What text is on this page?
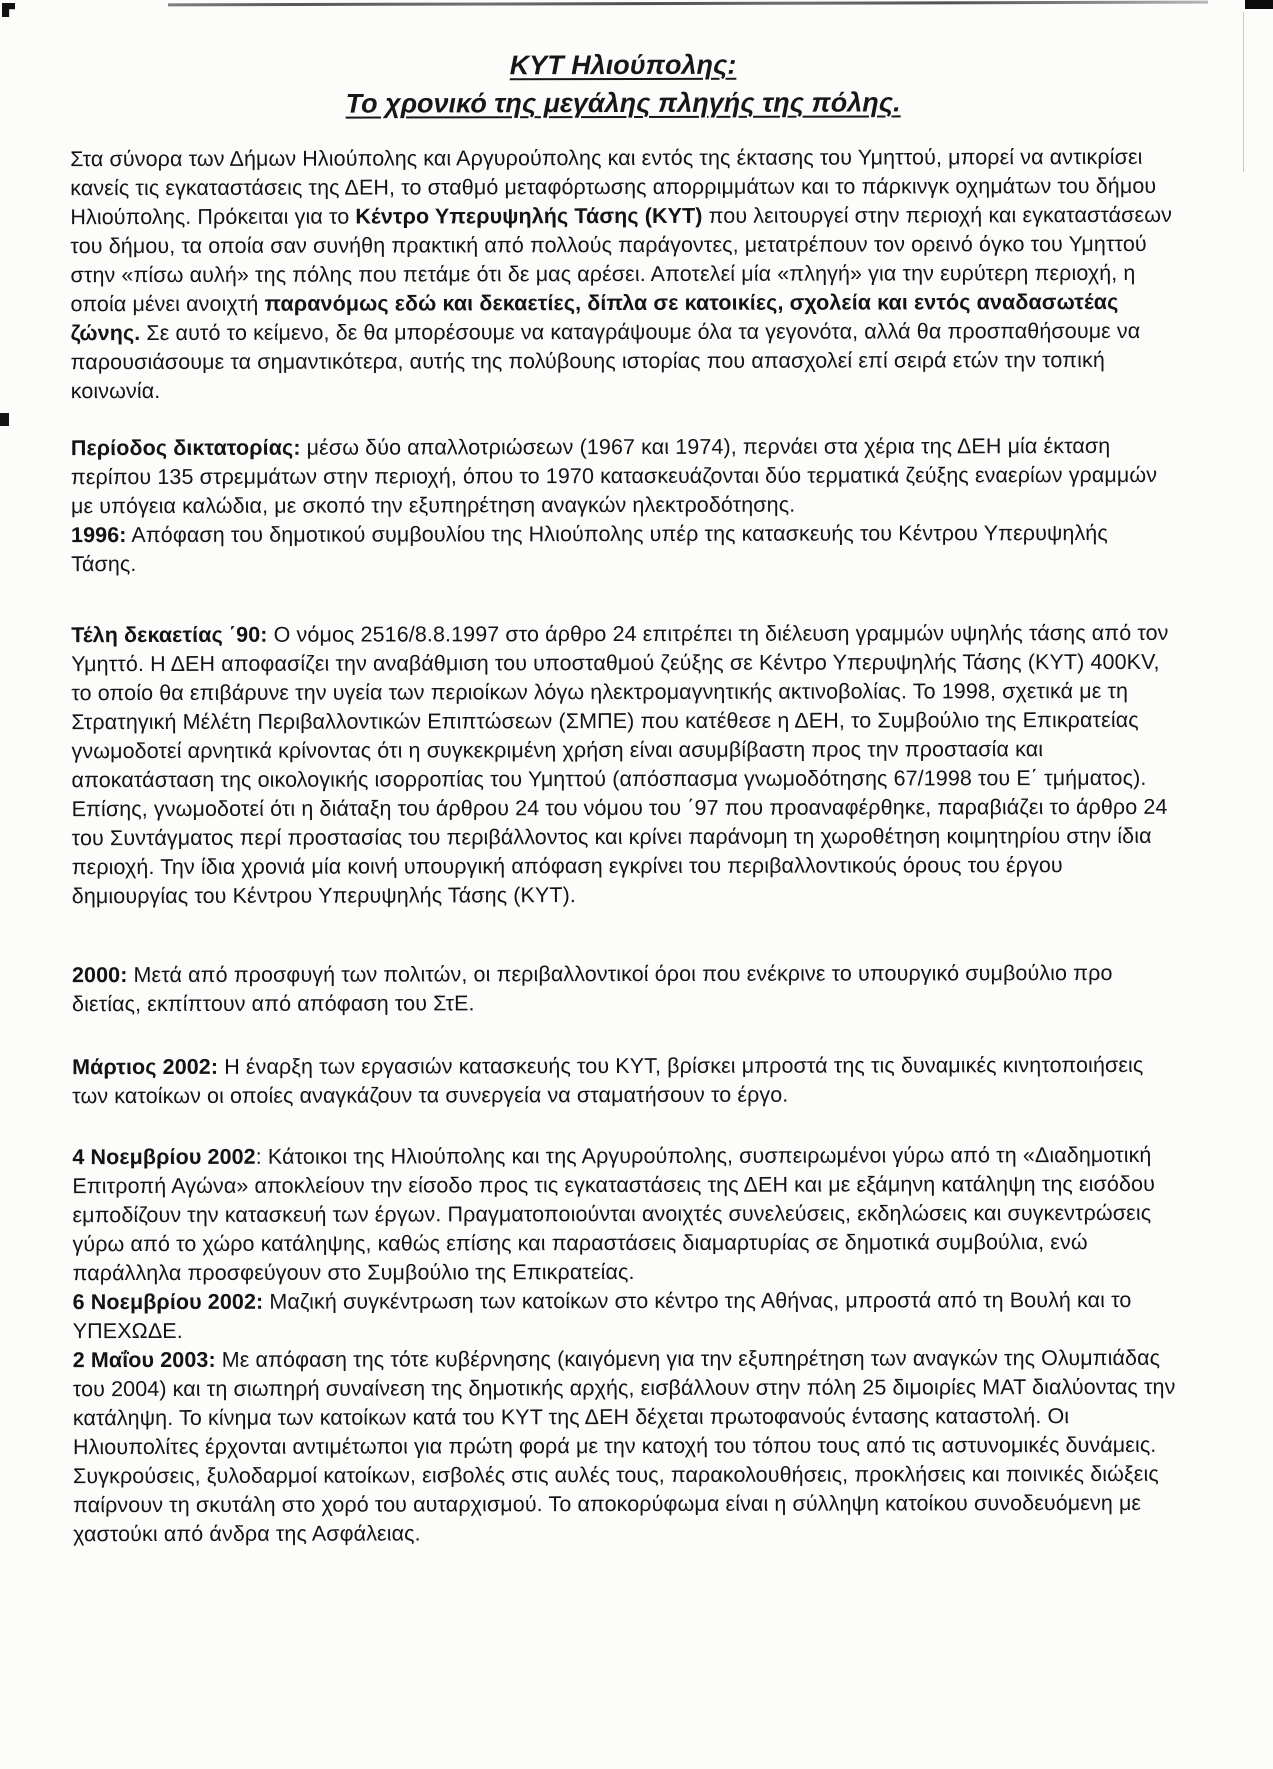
ΚΥΤ Ηλιούπολης:
Το χρονικό της μεγάλης πληγής της πόλης.

Στα σύνορα των Δήμων Ηλιούπολης και Αργυρούπολης και εντός της έκτασης του Υμηττού, μπορεί να αντικρίσει κανείς τις εγκαταστάσεις της ΔΕΗ, το σταθμό μεταφόρτωσης απορριμμάτων και το πάρκινγκ οχημάτων του δήμου Ηλιούπολης. Πρόκειται για το Κέντρο Υπερυψηλής Τάσης (ΚΥΤ) που λειτουργεί στην περιοχή και εγκαταστάσεων του δήμου, τα οποία σαν συνήθη πρακτική από πολλούς παράγοντες, μετατρέπουν τον ορεινό όγκο του Υμηττού στην «πίσω αυλή» της πόλης που πετάμε ότι δε μας αρέσει. Αποτελεί μία «πληγή» για την ευρύτερη περιοχή, η οποία μένει ανοιχτή παρανόμως εδώ και δεκαετίες, δίπλα σε κατοικίες, σχολεία και εντός αναδασωτέας ζώνης. Σε αυτό το κείμενο, δε θα μπορέσουμε να καταγράψουμε όλα τα γεγονότα, αλλά θα προσπαθήσουμε να παρουσιάσουμε τα σημαντικότερα, αυτής της πολύβουης ιστορίας που απασχολεί επί σειρά ετών την τοπική κοινωνία.

Περίοδος δικτατορίας: μέσω δύο απαλλοτριώσεων (1967 και 1974), περνάει στα χέρια της ΔΕΗ μία έκταση περίπου 135 στρεμμάτων στην περιοχή, όπου το 1970 κατασκευάζονται δύο τερματικά ζεύξης εναερίων γραμμών με υπόγεια καλώδια, με σκοπό την εξυπηρέτηση αναγκών ηλεκτροδότησης.

1996: Απόφαση του δημοτικού συμβουλίου της Ηλιούπολης υπέρ της κατασκευής του Κέντρου Υπερυψηλής Τάσης.

Τέλη δεκαετίας ΄90: Ο νόμος 2516/8.8.1997 στο άρθρο 24 επιτρέπει τη διέλευση γραμμών υψηλής τάσης από τον Υμηττό. Η ΔΕΗ αποφασίζει την αναβάθμιση του υποσταθμού ζεύξης σε Κέντρο Υπερυψηλής Τάσης (ΚΥΤ) 400KV, το οποίο θα επιβάρυνε την υγεία των περιοίκων λόγω ηλεκτρομαγνητικής ακτινοβολίας. Το 1998, σχετικά με τη Στρατηγική Μέλέτη Περιβαλλοντικών Επιπτώσεων (ΣΜΠΕ) που κατέθεσε η ΔΕΗ, το Συμβούλιο της Επικρατείας γνωμοδοτεί αρνητικά κρίνοντας ότι η συγκεκριμένη χρήση είναι ασυμβίβαστη προς την προστασία και αποκατάσταση της οικολογικής ισορροπίας του Υμηττού (απόσπασμα γνωμοδότησης 67/1998 του Ε΄ τμήματος). Επίσης, γνωμοδοτεί ότι η διάταξη του άρθρου 24 του νόμου του ΄97 που προαναφέρθηκε, παραβιάζει το άρθρο 24 του Συντάγματος περί προστασίας του περιβάλλοντος και κρίνει παράνομη τη χωροθέτηση κοιμητηρίου στην ίδια περιοχή. Την ίδια χρονιά μία κοινή υπουργική απόφαση εγκρίνει του περιβαλλοντικούς όρους του έργου δημιουργίας του Κέντρου Υπερυψηλής Τάσης (ΚΥΤ).

2000: Μετά από προσφυγή των πολιτών, οι περιβαλλοντικοί όροι που ενέκρινε το υπουργικό συμβούλιο προ διετίας, εκπίπτουν από απόφαση του ΣτΕ.

Μάρτιος 2002: Η έναρξη των εργασιών κατασκευής του ΚΥΤ, βρίσκει μπροστά της τις δυναμικές κινητοποιήσεις των κατοίκων οι οποίες αναγκάζουν τα συνεργεία να σταματήσουν το έργο.

4 Νοεμβρίου 2002: Κάτοικοι της Ηλιούπολης και της Αργυρούπολης, συσπειρωμένοι γύρω από τη «Διαδημοτική Επιτροπή Αγώνα» αποκλείουν την είσοδο προς τις εγκαταστάσεις της ΔΕΗ και με εξάμηνη κατάληψη της εισόδου εμποδίζουν την κατασκευή των έργων. Πραγματοποιούνται ανοιχτές συνελεύσεις, εκδηλώσεις και συγκεντρώσεις γύρω από το χώρο κατάληψης, καθώς επίσης και παραστάσεις διαμαρτυρίας σε δημοτικά συμβούλια, ενώ παράλληλα προσφεύγουν στο Συμβούλιο της Επικρατείας.

6 Νοεμβρίου 2002: Μαζική συγκέντρωση των κατοίκων στο κέντρο της Αθήνας, μπροστά από τη Βουλή και το ΥΠΕΧΩΔΕ.

2 Μαΐου 2003: Με απόφαση της τότε κυβέρνησης (καιγόμενη για την εξυπηρέτηση των αναγκών της Ολυμπιάδας του 2004) και τη σιωπηρή συναίνεση της δημοτικής αρχής, εισβάλλουν στην πόλη 25 διμοιρίες ΜΑΤ διαλύοντας την κατάληψη. Το κίνημα των κατοίκων κατά του ΚΥΤ της ΔΕΗ δέχεται πρωτοφανούς έντασης καταστολή. Οι Ηλιουπολίτες έρχονται αντιμέτωποι για πρώτη φορά με την κατοχή του τόπου τους από τις αστυνομικές δυνάμεις. Συγκρούσεις, ξυλοδαρμοί κατοίκων, εισβολές στις αυλές τους, παρακολουθήσεις, προκλήσεις και ποινικές διώξεις παίρνουν τη σκυτάλη στο χορό του αυταρχισμού. Το αποκορύφωμα είναι η σύλληψη κατοίκου συνοδευόμενη με χαστούκι από άνδρα της Ασφάλειας.
